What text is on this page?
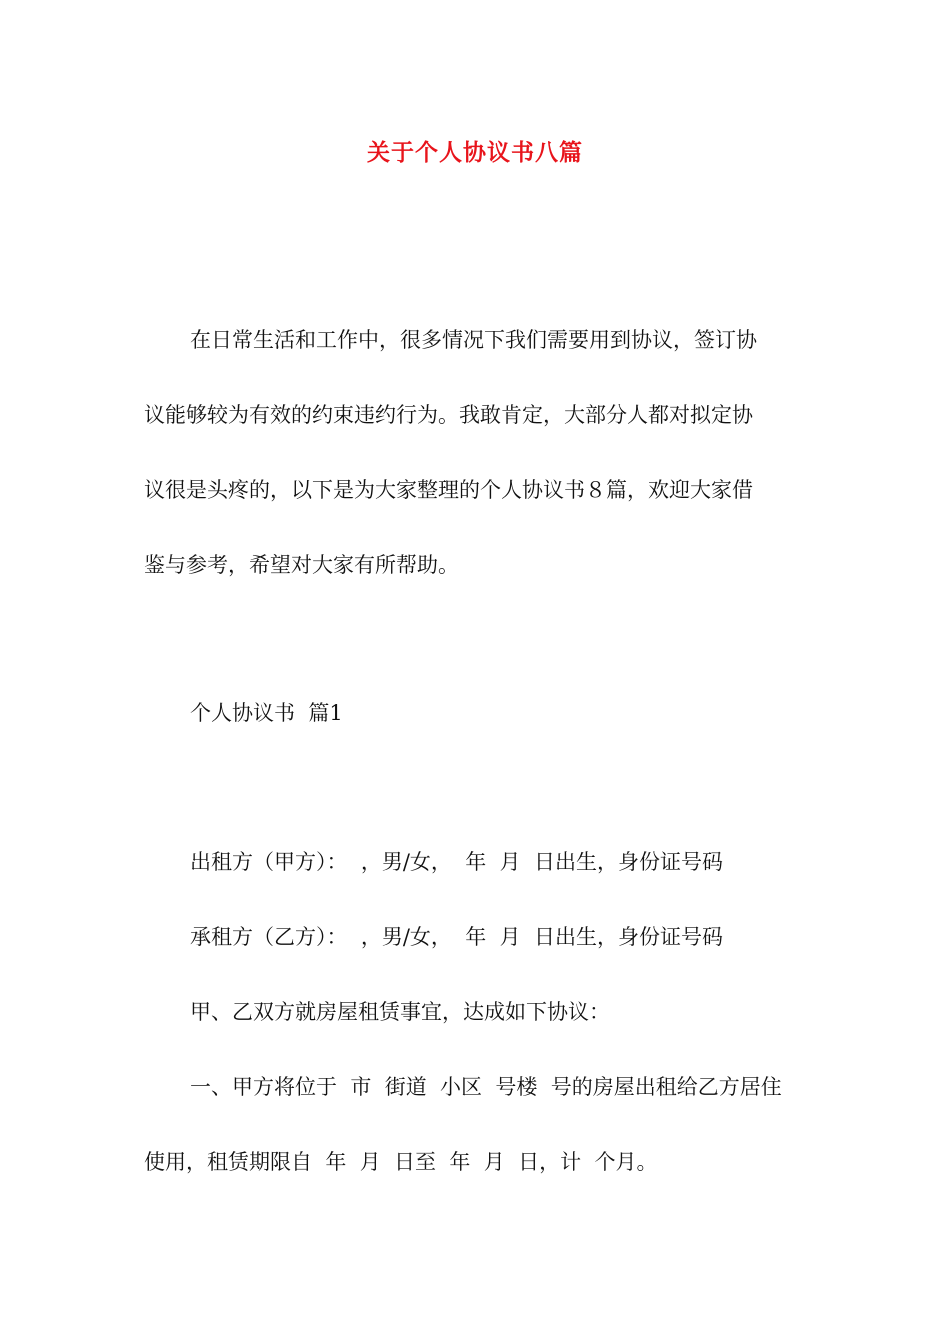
关于个人协议书八篇
在日常生活和工作中，很多情况下我们需要用到协议，签订协
议能够较为有效的约束违约行为。我敢肯定，大部分人都对拟定协
议很是头疼的，以下是为大家整理的个人协议书８篇，欢迎大家借
鉴与参考，希望对大家有所帮助。
个人协议书  篇1
出租方（甲方）：  ，男/女，  年  月  日出生，身份证号码
承租方（乙方）：  ，男/女，  年  月  日出生，身份证号码
甲、乙双方就房屋租赁事宜，达成如下协议：
一、甲方将位于  市  街道  小区  号楼  号的房屋出租给乙方居住
使用，租赁期限自  年  月  日至  年  月  日，计  个月。
